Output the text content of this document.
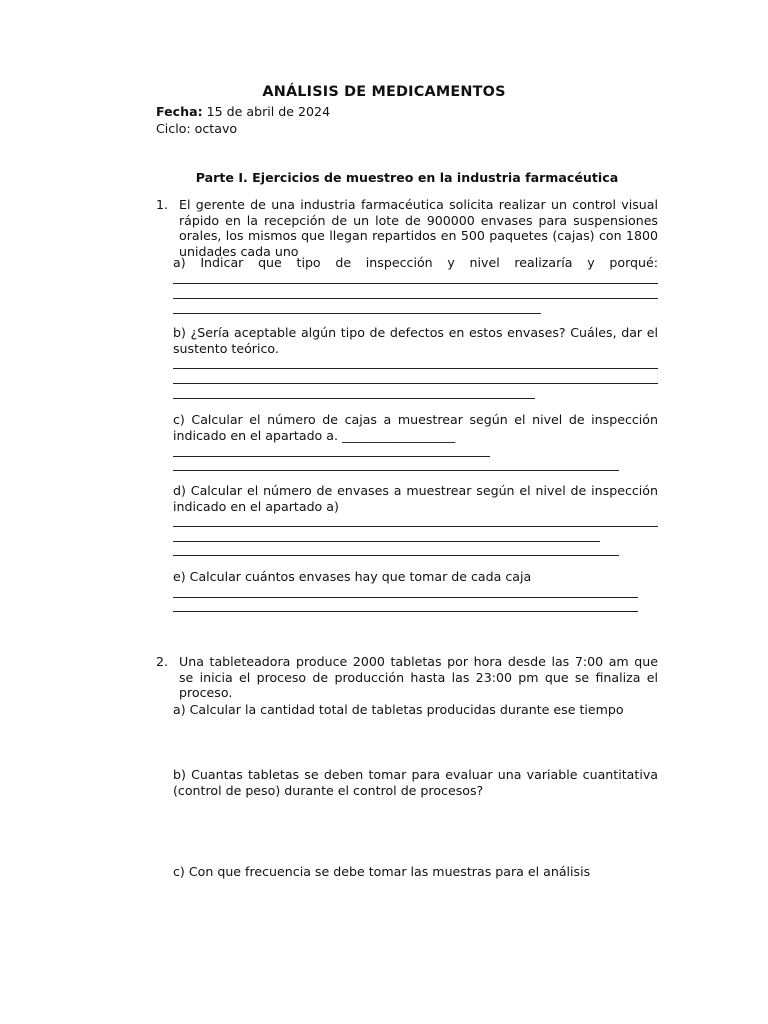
ANÁLISIS DE MEDICAMENTOS
Fecha: 15 de abril de 2024
Ciclo: octavo
Parte I. Ejercicios de muestreo en la industria farmacéutica
1. El gerente de una industria farmacéutica solicita realizar un control visual rápido en la recepción de un lote de 900000 envases para suspensiones orales, los mismos que llegan repartidos en 500 paquetes (cajas) con 1800 unidades cada uno
a) Indicar que tipo de inspección y nivel realizaría y porqué:
b) ¿Sería aceptable algún tipo de defectos en estos envases? Cuáles, dar el sustento teórico.
c) Calcular el número de cajas a muestrear según el nivel de inspección indicado en el apartado a. __________________
d) Calcular el número de envases a muestrear según el nivel de inspección indicado en el apartado a)
e) Calcular cuántos envases hay que tomar de cada caja
2. Una tableteadora produce 2000 tabletas por hora desde las 7:00 am que se inicia el proceso de producción hasta las 23:00 pm que se finaliza el proceso.
a) Calcular la cantidad total de tabletas producidas durante ese tiempo
b) Cuantas tabletas se deben tomar para evaluar una variable cuantitativa (control de peso) durante el control de procesos?
c) Con que frecuencia se debe tomar las muestras para el análisis
